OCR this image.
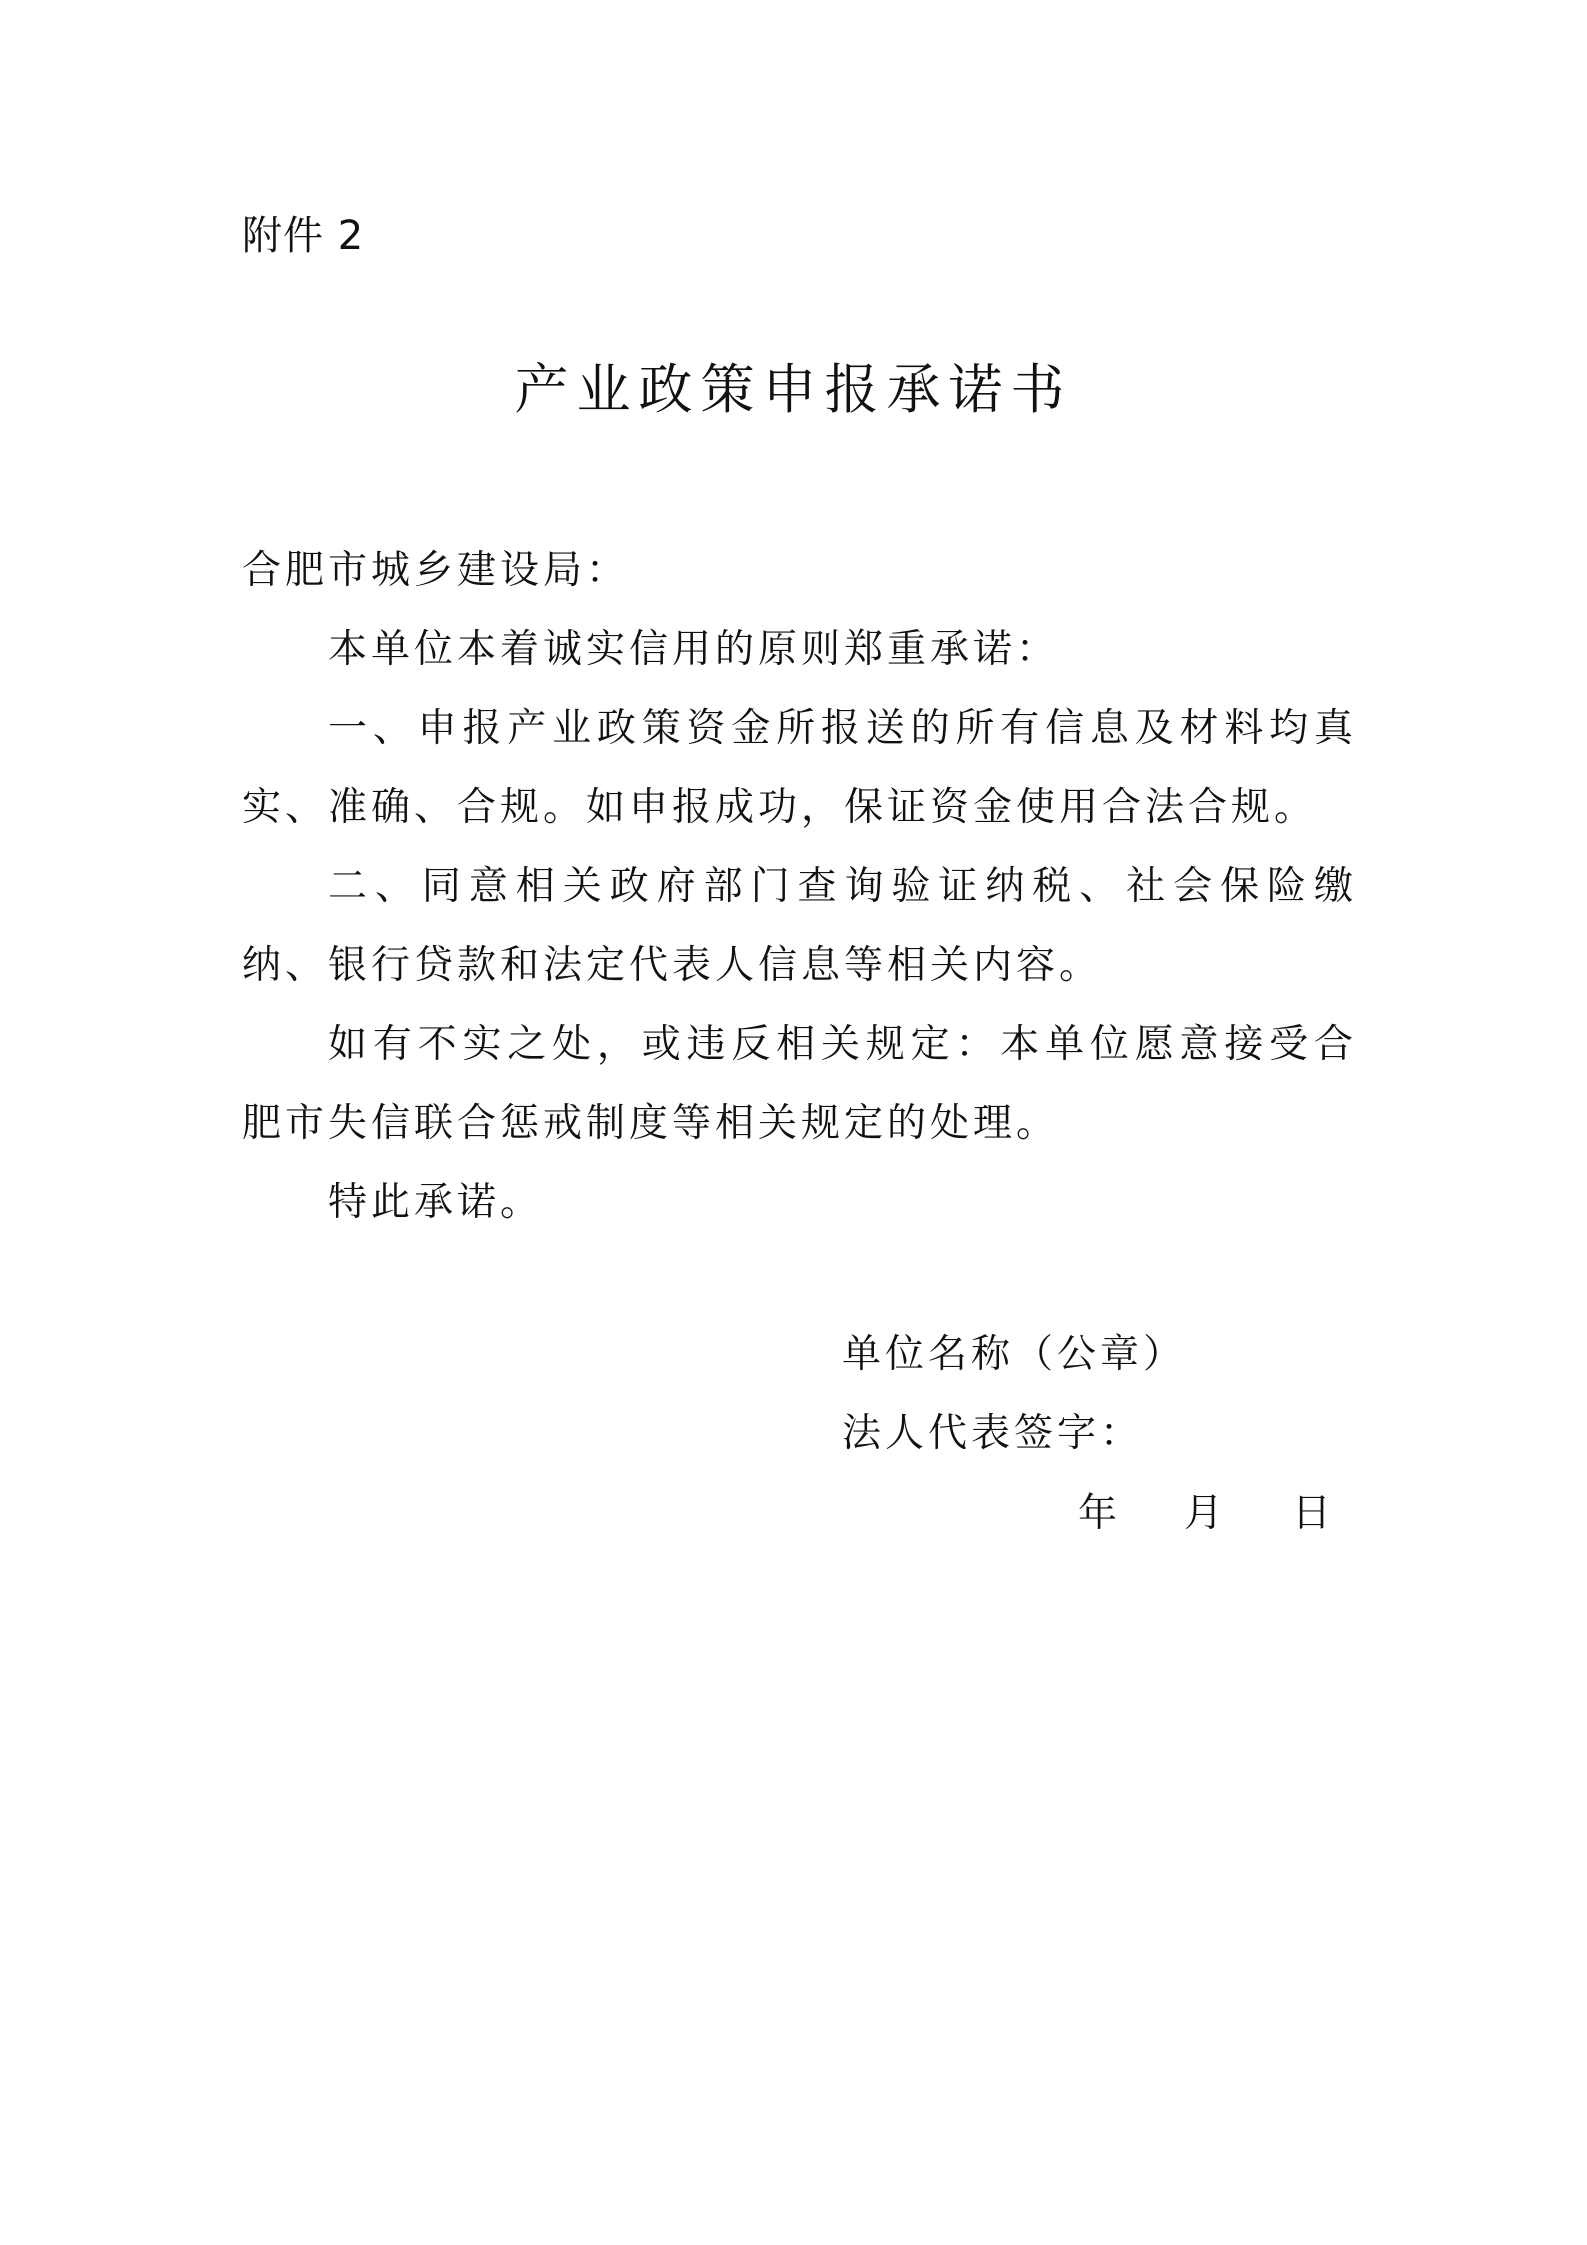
附件 2
产业政策申报承诺书

合肥市城乡建设局：

本单位本着诚实信用的原则郑重承诺：

一、申报产业政策资金所报送的所有信息及材料均真实、准确、合规。如申报成功，保证资金使用合法合规。

二、同意相关政府部门查询验证纳税、社会保险缴纳、银行贷款和法定代表人信息等相关内容。

如有不实之处，或违反相关规定：本单位愿意接受合肥市失信联合惩戒制度等相关规定的处理。

特此承诺。

单位名称（公章）
法人代表签字：
年 月 日
